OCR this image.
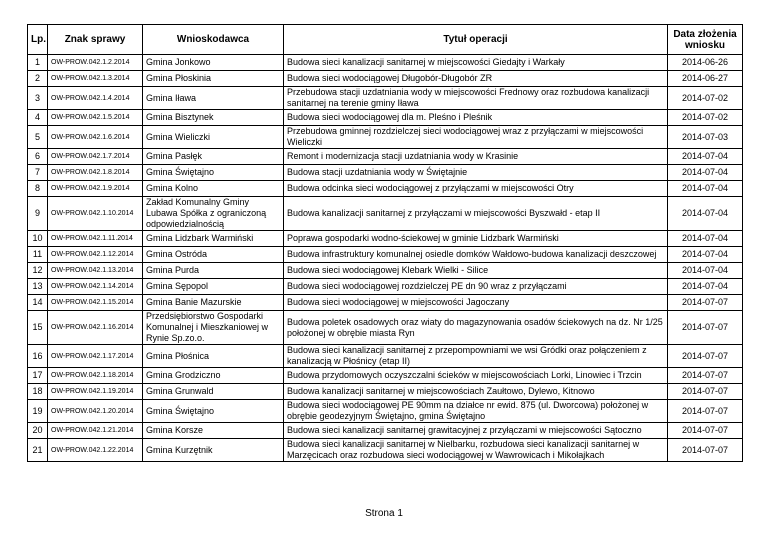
Lp.	Znak sprawy	Wnioskodawca	Tytuł operacji	Data złożenia wniosku
1	OW-PROW.042.1.2.2014	Gmina Jonkowo	Budowa sieci kanalizacji sanitarnej w miejscowości Giedajty i Warkały	2014-06-26
2	OW-PROW.042.1.3.2014	Gmina Płoskinia	Budowa sieci wodociągowej Długobór-Długobór ZR	2014-06-27
3	OW-PROW.042.1.4.2014	Gmina Iława	Przebudowa stacji uzdatniania wody w miejscowości Frednowy oraz rozbudowa kanalizacji sanitarnej na terenie gminy Iława	2014-07-02
4	OW-PROW.042.1.5.2014	Gmina Bisztynek	Budowa sieci wodociągowej dla m. Pleśno i Pleśnik	2014-07-02
5	OW-PROW.042.1.6.2014	Gmina Wieliczki	Przebudowa gminnej rozdzielczej sieci wodociągowej wraz z przyłączami w miejscowości Wieliczki	2014-07-03
6	OW-PROW.042.1.7.2014	Gmina Pasłęk	Remont i modernizacja stacji uzdatniania wody w Krasinie	2014-07-04
7	OW-PROW.042.1.8.2014	Gmina Świętajno	Budowa stacji uzdatniania wody w Świętajnie	2014-07-04
8	OW-PROW.042.1.9.2014	Gmina Kolno	Budowa odcinka sieci wodociągowej z przyłączami w miejscowości Otry	2014-07-04
9	OW-PROW.042.1.10.2014	Zakład Komunalny Gminy Lubawa Spółka z ograniczoną odpowiedzialnością	Budowa kanalizacji sanitarnej z przyłączami w miejscowości Byszwałd - etap II	2014-07-04
10	OW-PROW.042.1.11.2014	Gmina Lidzbark Warmiński	Poprawa gospodarki wodno-ściekowej w gminie Lidzbark Warmiński	2014-07-04
11	OW-PROW.042.1.12.2014	Gmina Ostróda	Budowa infrastruktury komunalnej osiedle domków Wałdowo-budowa kanalizacji deszczowej	2014-07-04
12	OW-PROW.042.1.13.2014	Gmina Purda	Budowa sieci wodociągowej Klebark Wielki - Silice	2014-07-04
13	OW-PROW.042.1.14.2014	Gmina Sępopol	Budowa sieci wodociągowej rozdzielczej PE dn 90 wraz z przyłączami	2014-07-04
14	OW-PROW.042.1.15.2014	Gmina Banie Mazurskie	Budowa sieci wodociągowej w miejscowości Jagoczany	2014-07-07
15	OW-PROW.042.1.16.2014	Przedsiębiorstwo Gospodarki Komunalnej i Mieszkaniowej w Rynie Sp.zo.o.	Budowa poletek osadowych oraz wiaty do magazynowania osadów ściekowych na dz. Nr 1/25 położonej w obrębie miasta Ryn	2014-07-07
16	OW-PROW.042.1.17.2014	Gmina Płośnica	Budowa sieci kanalizacji sanitarnej z przepompowniami we wsi Gródki oraz połączeniem z kanalizacją w Płośnicy (etap II)	2014-07-07
17	OW-PROW.042.1.18.2014	Gmina Grodziczno	Budowa przydomowych oczyszczalni ścieków w miejscowościach Lorki, Linowiec i Trzcin	2014-07-07
18	OW-PROW.042.1.19.2014	Gmina Grunwald	Budowa kanalizacji sanitarnej w miejscowościach Zaułtowo, Dylewo, Kitnowo	2014-07-07
19	OW-PROW.042.1.20.2014	Gmina Świętajno	Budowa sieci wodociągowej PE 90mm na działce nr ewid. 875 (ul. Dworcowa) położonej w obrębie geodezyjnym Świętajno, gmina Świętajno	2014-07-07
20	OW-PROW.042.1.21.2014	Gmina Korsze	Budowa sieci kanalizacji sanitarnej grawitacyjnej z przyłączami w miejscowości Sątoczno	2014-07-07
21	OW-PROW.042.1.22.2014	Gmina Kurzętnik	Budowa sieci kanalizacji sanitarnej w Nielbarku, rozbudowa sieci kanalizacji sanitarnej w Marzęcicach oraz rozbudowa sieci wodociągowej w Wawrowicach i Mikołajkach	2014-07-07
Strona 1
